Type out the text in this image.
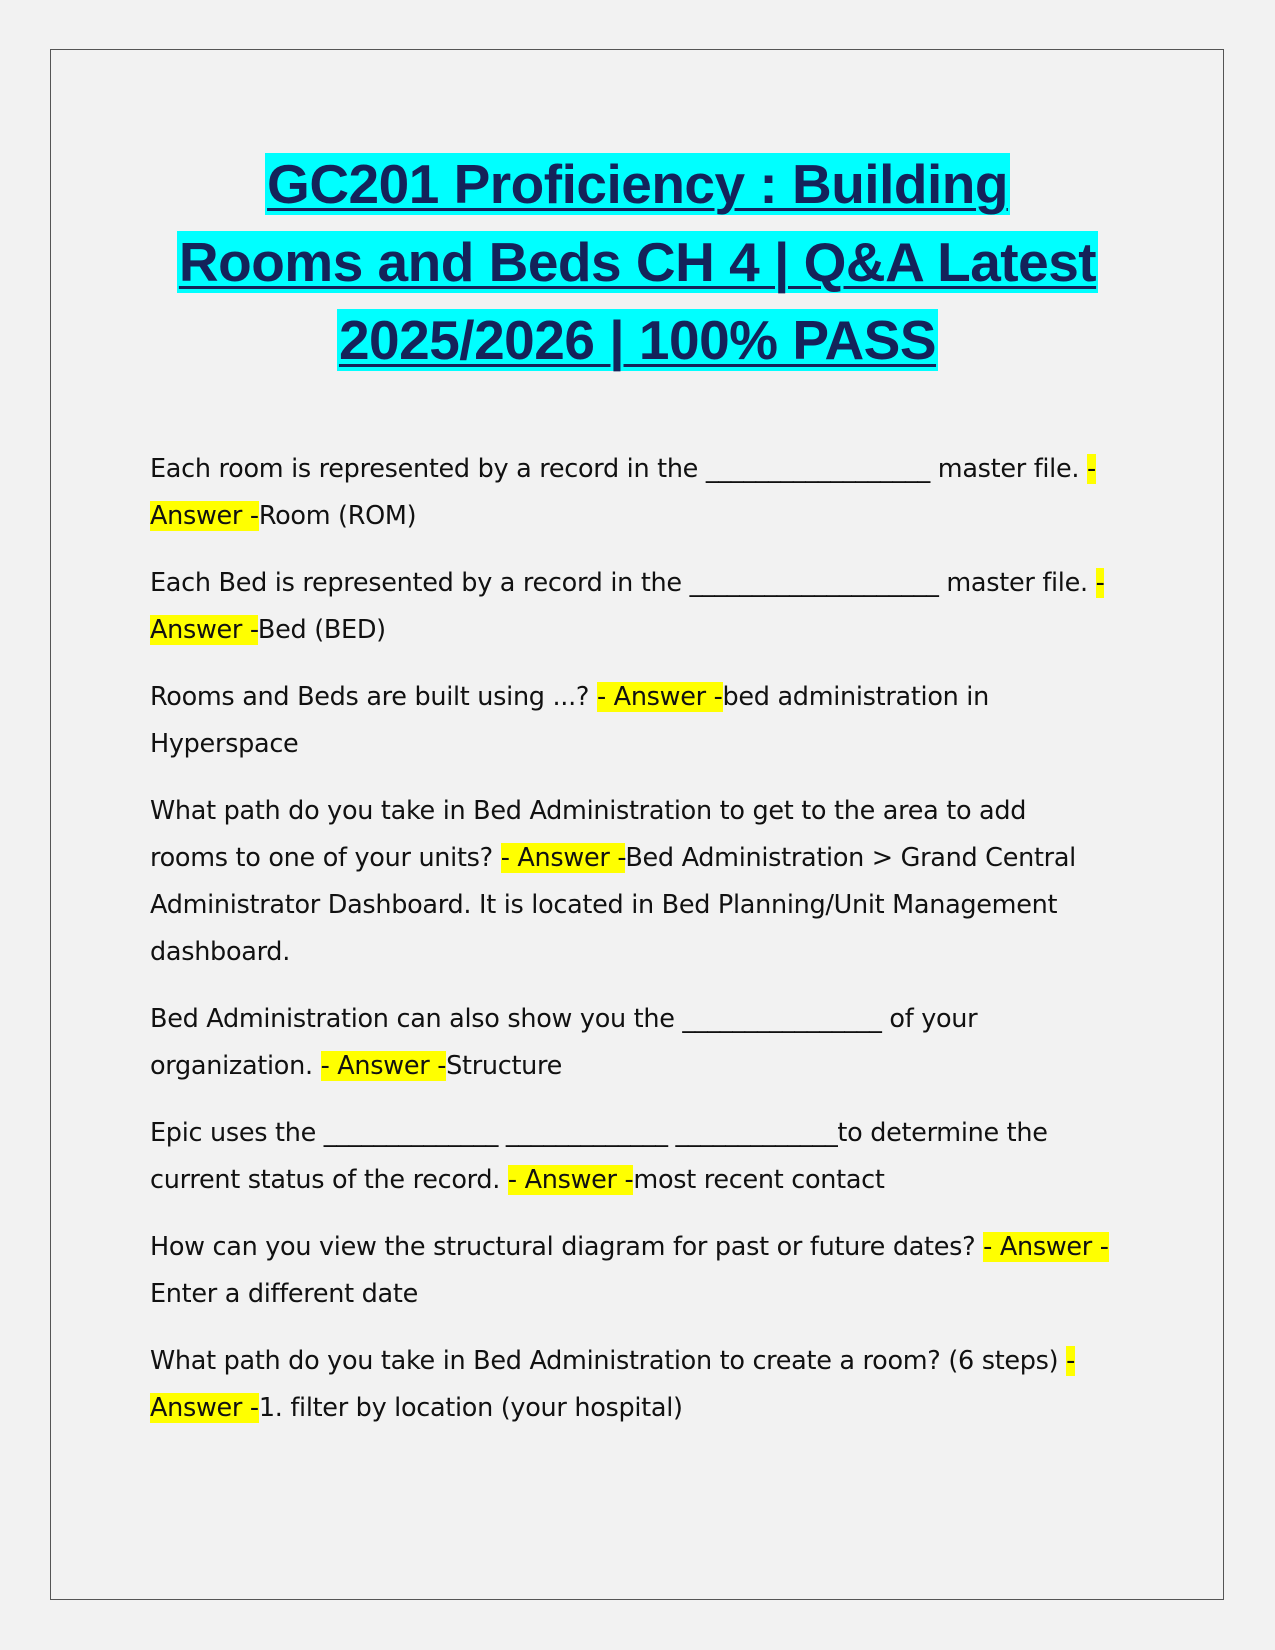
GC201 Proficiency : Building
Rooms and Beds CH 4 | Q&A Latest
2025/2026 | 100% PASS

Each room is represented by a record in the __________________ master file. - Answer -Room (ROM)

Each Bed is represented by a record in the ____________________ master file. - Answer -Bed (BED)

Rooms and Beds are built using ...? - Answer -bed administration in Hyperspace

What path do you take in Bed Administration to get to the area to add rooms to one of your units? - Answer -Bed Administration > Grand Central Administrator Dashboard. It is located in Bed Planning/Unit Management dashboard.

Bed Administration can also show you the ________________ of your organization. - Answer -Structure

Epic uses the ______________ _____________ _____________to determine the current status of the record. - Answer -most recent contact

How can you view the structural diagram for past or future dates? - Answer -Enter a different date

What path do you take in Bed Administration to create a room? (6 steps) - Answer -1. filter by location (your hospital)
